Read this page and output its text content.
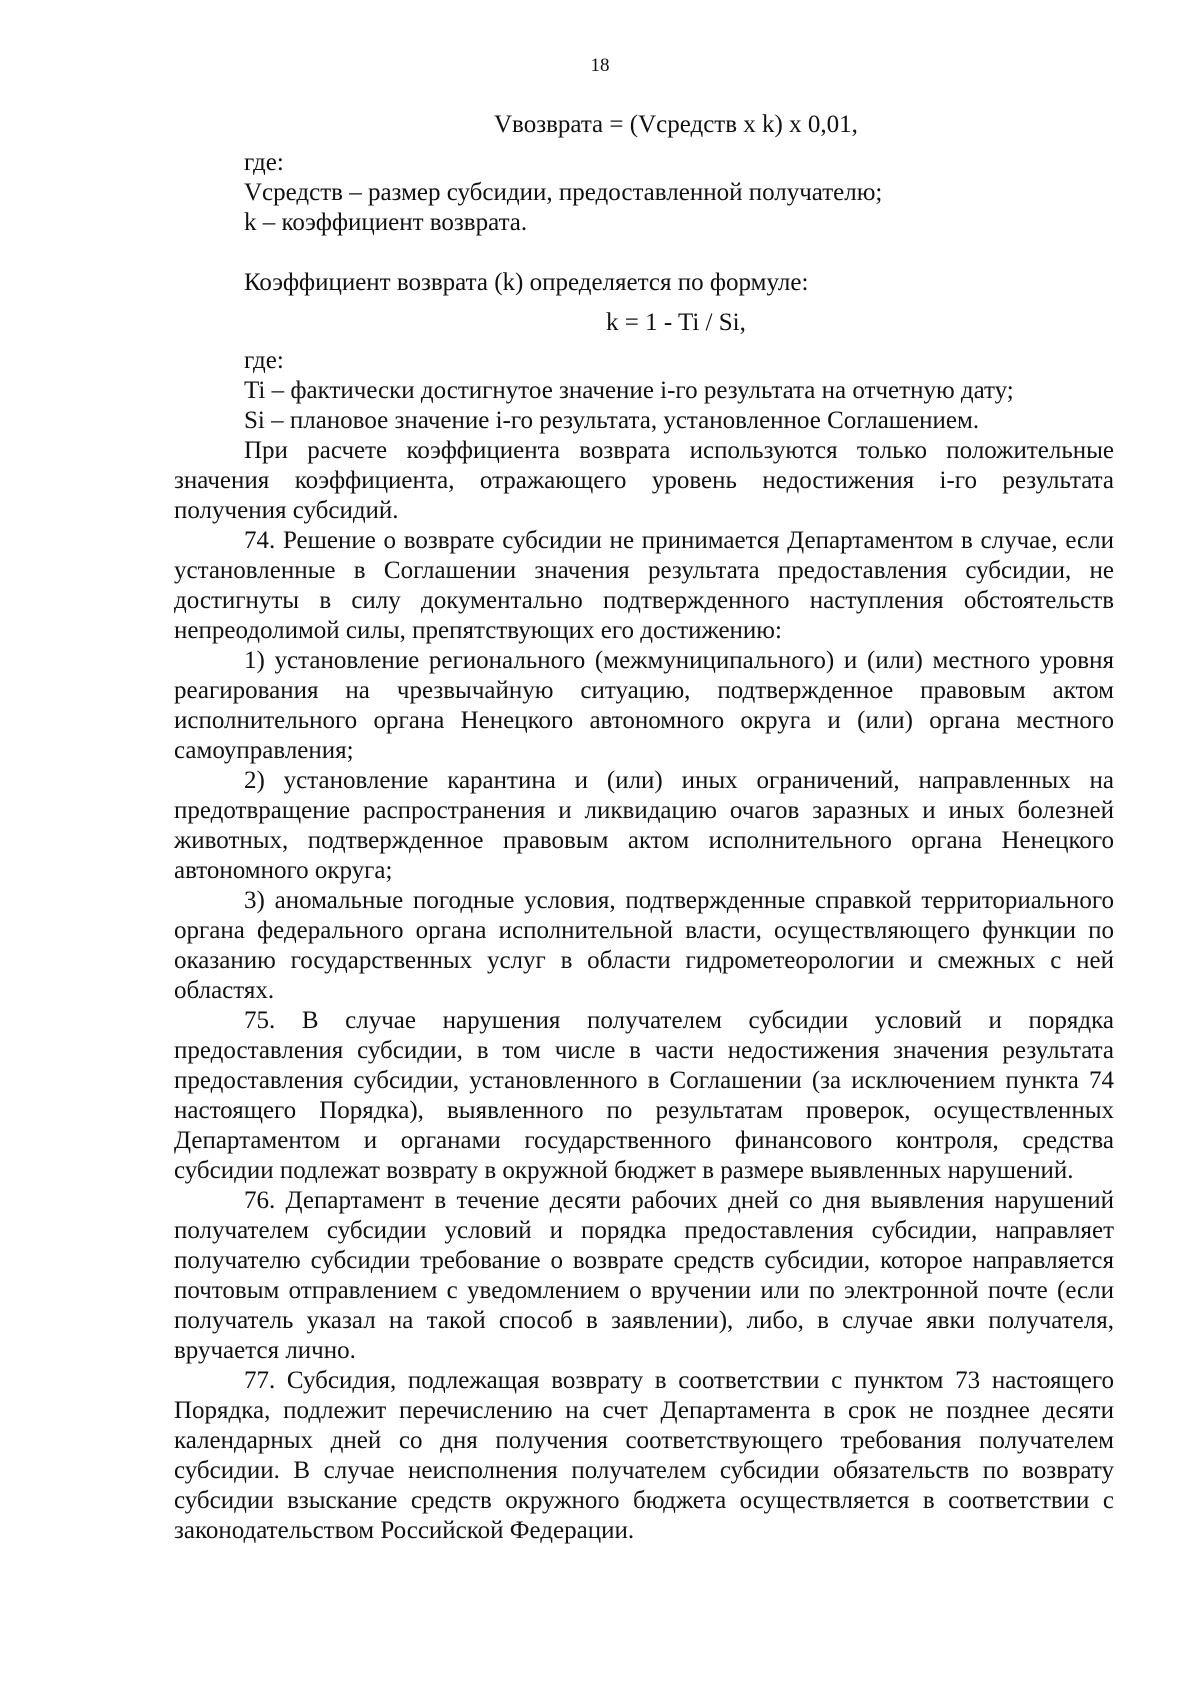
18

Vвозврата = (Vсредств x k) x 0,01,

где:

Vсредств – размер субсидии, предоставленной получателю;

k – коэффициент возврата.

Коэффициент возврата (k) определяется по формуле:

k = 1 - Ti / Si,

где:

Ti – фактически достигнутое значение i-го результата на отчетную дату;

Si – плановое значение i-го результата, установленное Соглашением.

При расчете коэффициента возврата используются только положительные значения коэффициента, отражающего уровень недостижения i-го результата получения субсидий.

74. Решение о возврате субсидии не принимается Департаментом в случае, если установленные в Соглашении значения результата предоставления субсидии, не достигнуты в силу документально подтвержденного наступления обстоятельств непреодолимой силы, препятствующих его достижению:

1) установление регионального (межмуниципального) и (или) местного уровня реагирования на чрезвычайную ситуацию, подтвержденное правовым актом исполнительного органа Ненецкого автономного округа и (или) органа местного самоуправления;

2) установление карантина и (или) иных ограничений, направленных на предотвращение распространения и ликвидацию очагов заразных и иных болезней животных, подтвержденное правовым актом исполнительного органа Ненецкого автономного округа;

3) аномальные погодные условия, подтвержденные справкой территориального органа федерального органа исполнительной власти, осуществляющего функции по оказанию государственных услуг в области гидрометеорологии и смежных с ней областях.

75. В случае нарушения получателем субсидии условий и порядка предоставления субсидии, в том числе в части недостижения значения результата предоставления субсидии, установленного в Соглашении (за исключением пункта 74 настоящего Порядка), выявленного по результатам проверок, осуществленных Департаментом и органами государственного финансового контроля, средства субсидии подлежат возврату в окружной бюджет в размере выявленных нарушений.

76. Департамент в течение десяти рабочих дней со дня выявления нарушений получателем субсидии условий и порядка предоставления субсидии, направляет получателю субсидии требование о возврате средств субсидии, которое направляется почтовым отправлением с уведомлением о вручении или по электронной почте (если получатель указал на такой способ в заявлении), либо, в случае явки получателя, вручается лично.

77. Субсидия, подлежащая возврату в соответствии с пунктом 73 настоящего Порядка, подлежит перечислению на счет Департамента в срок не позднее десяти календарных дней со дня получения соответствующего требования получателем субсидии. В случае неисполнения получателем субсидии обязательств по возврату субсидии взыскание средств окружного бюджета осуществляется в соответствии с законодательством Российской Федерации.
